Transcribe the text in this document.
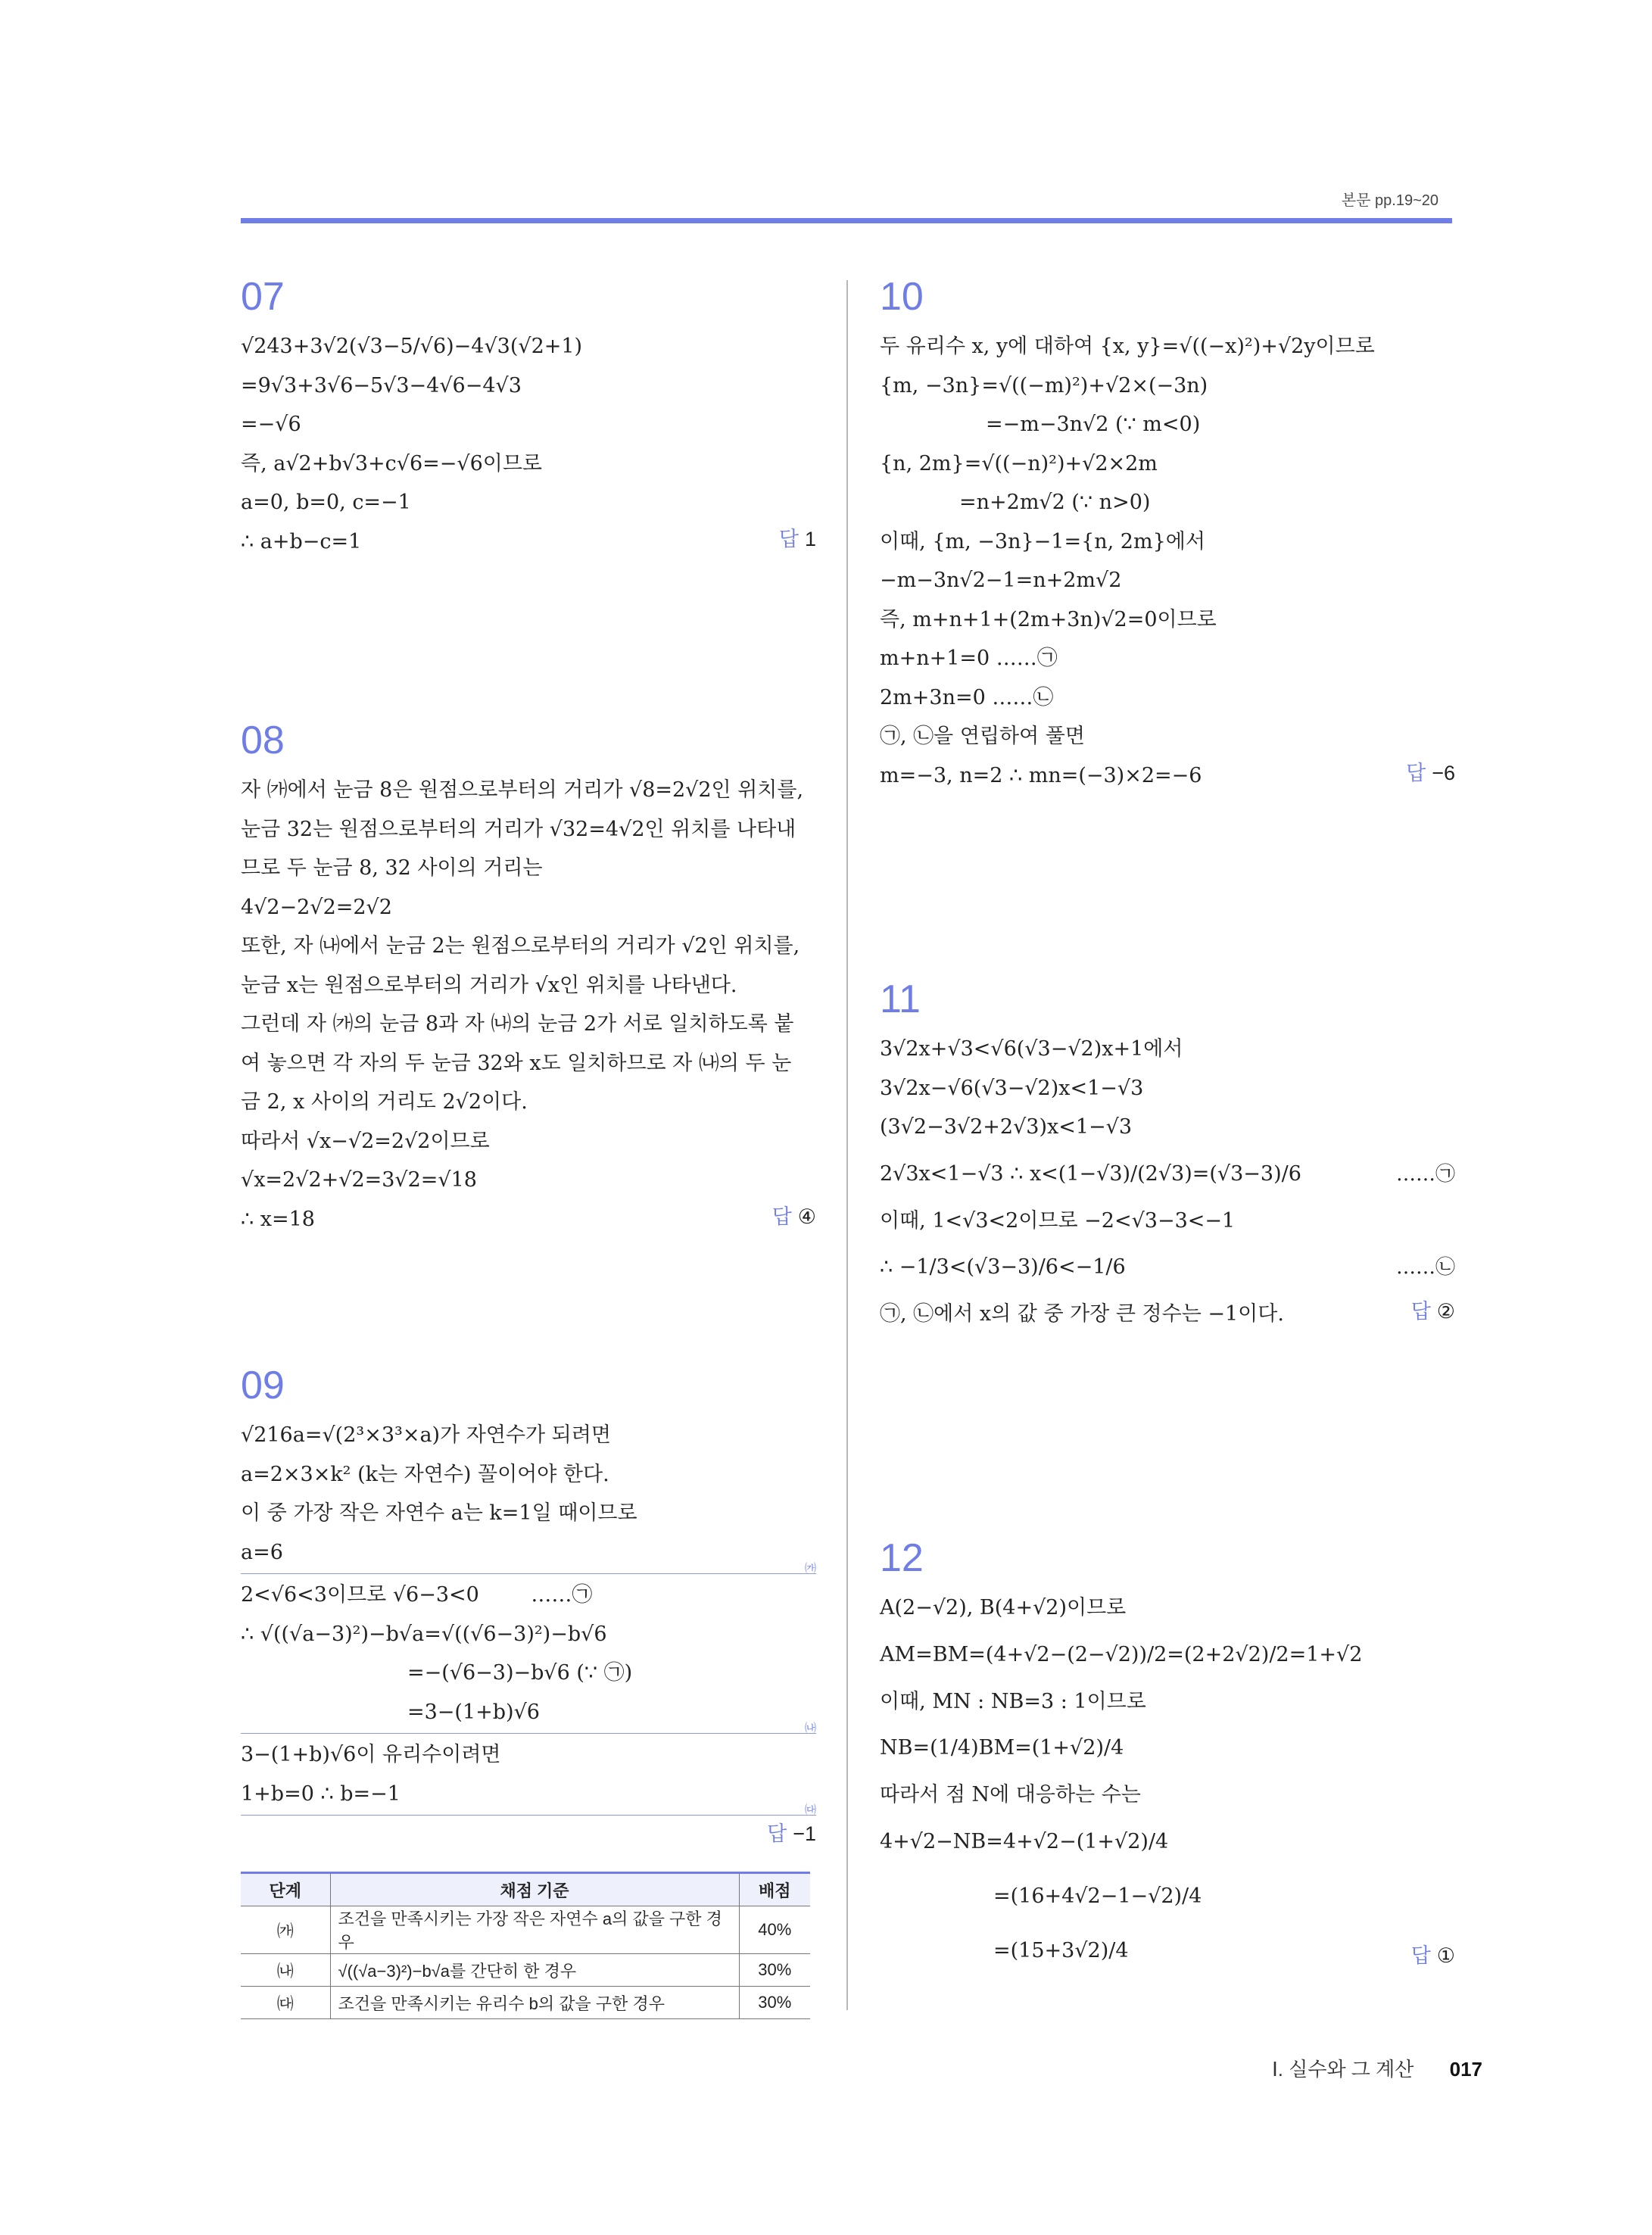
본문 pp.19~20
07
√243+3√2(√3−5/√6)−4√3(√2+1)
=9√3+3√6−5√3−4√6−4√3
=−√6
즉, a√2+b√3+c√6=−√6이므로
a=0, b=0, c=−1
∴ a+b−c=1	답 1
08
자 ㈎에서 눈금 8은 원점으로부터의 거리가 √8=2√2인 위치를,
눈금 32는 원점으로부터의 거리가 √32=4√2인 위치를 나타내
므로 두 눈금 8, 32 사이의 거리는
4√2−2√2=2√2
또한, 자 ㈏에서 눈금 2는 원점으로부터의 거리가 √2인 위치를,
눈금 x는 원점으로부터의 거리가 √x인 위치를 나타낸다.
그런데 자 ㈎의 눈금 8과 자 ㈏의 눈금 2가 서로 일치하도록 붙
여 놓으면 각 자의 두 눈금 32와 x도 일치하므로 자 ㈏의 두 눈
금 2, x 사이의 거리도 2√2이다.
따라서 √x−√2=2√2이므로
√x=2√2+√2=3√2=√18
∴ x=18	답 ④
09
√216a=√(2³×3³×a)가 자연수가 되려면
a=2×3×k² (k는 자연수) 꼴이어야 한다.
이 중 가장 작은 자연수 a는 k=1일 때이므로
a=6
㈎
2<√6<3이므로 √6−3<0	……㉠
∴ √((√a−3)²)−b√a=√((√6−3)²)−b√6
=−(√6−3)−b√6 (∵ ㉠)
=3−(1+b)√6
㈏
3−(1+b)√6이 유리수이려면
1+b=0 ∴ b=−1
㈐
답 −1
단계	채점 기준	배점
㈎	조건을 만족시키는 가장 작은 자연수 a의 값을 구한 경우	40%
㈏	√((√a−3)²)−b√a를 간단히 한 경우	30%
㈐	조건을 만족시키는 유리수 b의 값을 구한 경우	30%
10
두 유리수 x, y에 대하여 {x, y}=√((−x)²)+√2y이므로
{m, −3n}=√((−m)²)+√2×(−3n)
=−m−3n√2 (∵ m<0)
{n, 2m}=√((−n)²)+√2×2m
=n+2m√2 (∵ n>0)
이때, {m, −3n}−1={n, 2m}에서
−m−3n√2−1=n+2m√2
즉, m+n+1+(2m+3n)√2=0이므로
m+n+1=0 ……㉠
2m+3n=0 ……㉡
㉠, ㉡을 연립하여 풀면
m=−3, n=2 ∴ mn=(−3)×2=−6	답 −6
11
3√2x+√3<√6(√3−√2)x+1에서
3√2x−√6(√3−√2)x<1−√3
(3√2−3√2+2√3)x<1−√3
2√3x<1−√3 ∴ x<(1−√3)/(2√3)=(√3−3)/6	……㉠
이때, 1<√3<2이므로 −2<√3−3<−1
∴ −1/3<(√3−3)/6<−1/6	……㉡
㉠, ㉡에서 x의 값 중 가장 큰 정수는 −1이다.	답 ②
12
A(2−√2), B(4+√2)이므로
AM=BM=(4+√2−(2−√2))/2=(2+2√2)/2=1+√2
이때, MN : NB=3 : 1이므로
NB=(1/4)BM=(1+√2)/4
따라서 점 N에 대응하는 수는
4+√2−NB=4+√2−(1+√2)/4
=(16+4√2−1−√2)/4
=(15+3√2)/4	답 ①
Ⅰ. 실수와 그 계산 017
